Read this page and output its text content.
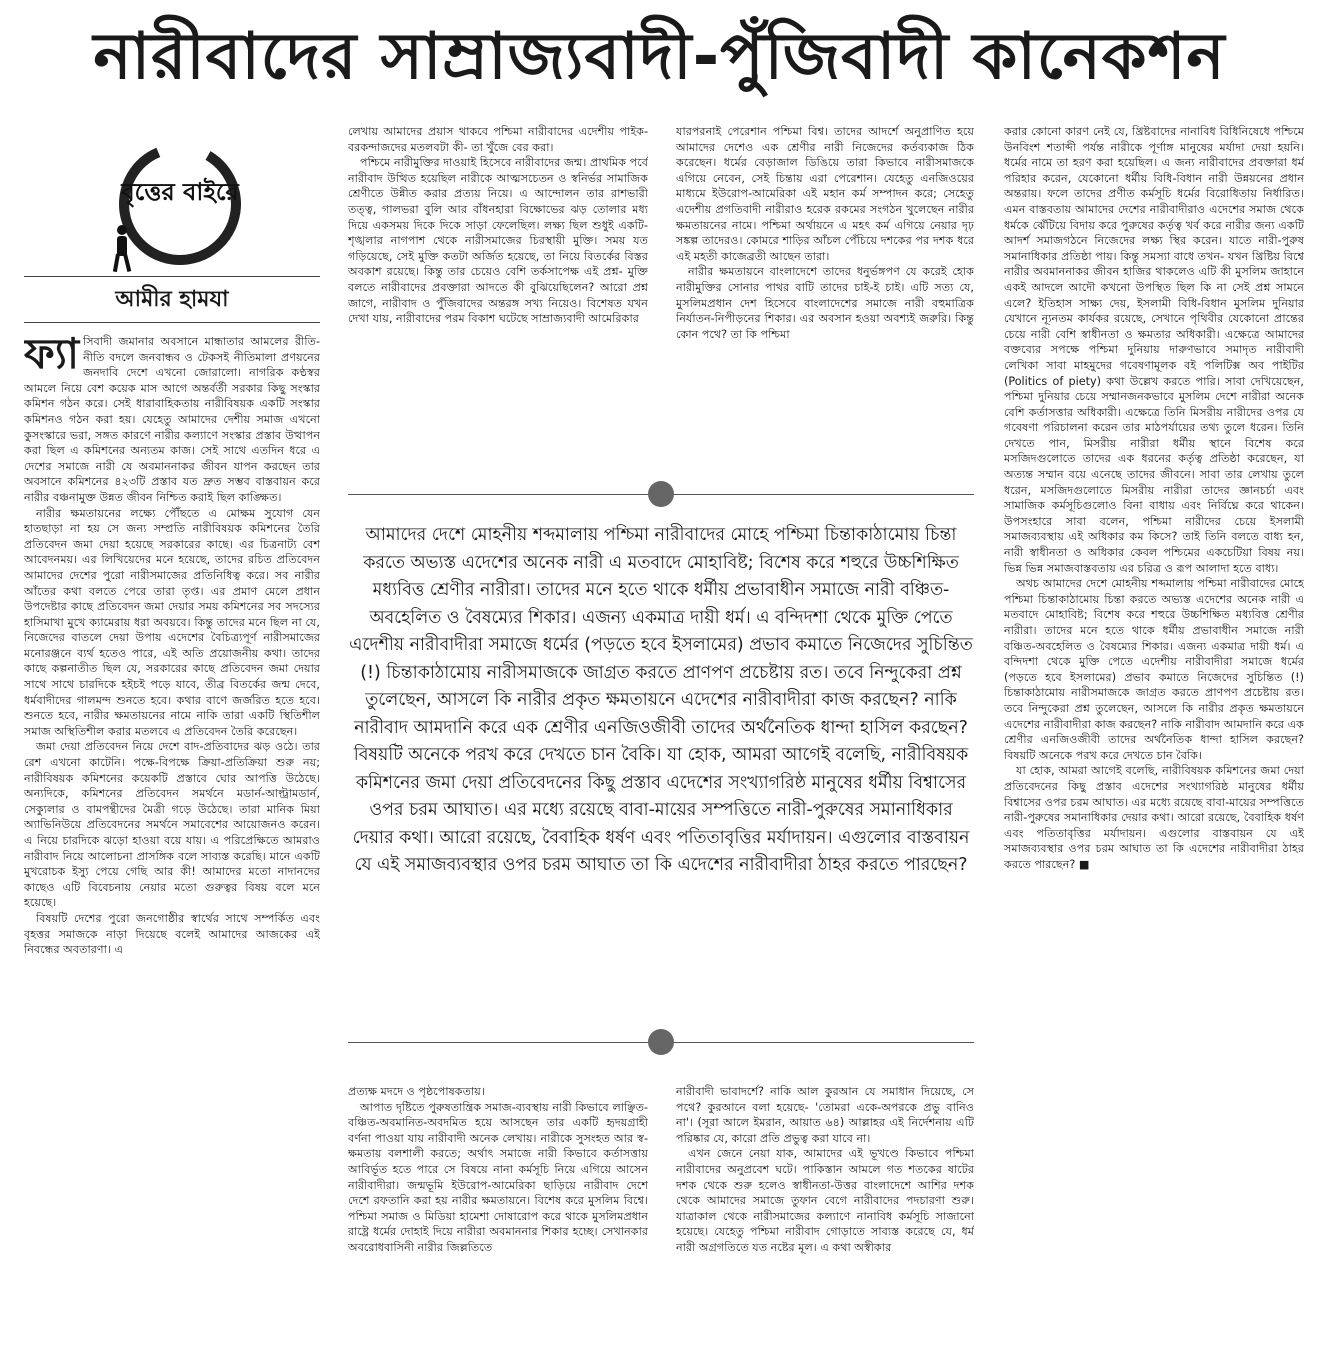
নারীবাদের সাম্রাজ্যবাদী-পুঁজিবাদী কানেকশন
বৃত্তের বাইরে
আমীর হামযা

ফ্যা সিবাদী জমানার অবসানে মান্ধাতার আমলের রীতি-নীতি বদলে জনবান্ধব ও টেকসই নীতিমালা প্রণয়নের জনদাবি দেশে এখনো জোরালো। নাগরিক কণ্ঠস্বর আমলে নিয়ে বেশ কয়েক মাস আগে অন্তর্বর্তী সরকার কিছু সংস্কার কমিশন গঠন করে। সেই ধারাবাহিকতায় নারীবিষয়ক একটি সংস্কার কমিশনও গঠন করা হয়। যেহেতু আমাদের দেশীয় সমাজ এখনো কুসংস্কারে ভরা, সঙ্গত কারণে নারীর কল্যাণে সংস্কার প্রস্তাব উত্থাপন করা ছিল এ কমিশনের অন্যতম কাজ। সেই সাথে এতদিন ধরে এ দেশের সমাজে নারী যে অবমাননাকর জীবন যাপন করছেন তার অবসানে কমিশনের ৪২৩টি প্রস্তাব যত দ্রুত সম্ভব বাস্তবায়ন করে নারীর বঞ্চনামুক্ত উন্নত জীবন নিশ্চিত করাই ছিল কাঙ্ক্ষিত।

নারীর ক্ষমতায়নের লক্ষ্যে পৌঁছতে এ মোক্ষম সুযোগ যেন হাতছাড়া না হয় সে জন্য সম্প্রতি নারীবিষয়ক কমিশনের তৈরি প্রতিবেদন জমা দেয়া হয়েছে সরকারের কাছে। এর চিত্রনাট্য বেশ আবেদনময়। এর লিখিয়েদের মনে হয়েছে, তাদের রচিত প্রতিবেদন আমাদের দেশের পুরো নারীসমাজের প্রতিনিধিত্ব করে। সব নারীর আঁতের কথা বলতে পেরে তারা তৃপ্ত। এর প্রমাণ মেলে প্রধান উপদেষ্টার কাছে প্রতিবেদন জমা দেয়ার সময় কমিশনের সব সদস্যের হাসিমাখা মুখে ক্যামেরায় ধরা অবয়বে। কিন্তু তাদের মনে ছিল না যে, নিজেদের বাতলে দেয়া উপায় এদেশের বৈচিত্র্যপূর্ণ নারীসমাজের মনোরঞ্জনে ব্যর্থ হতেও পারে, এই অতি প্রয়োজনীয় কথা। তাদের কাছে কল্পনাতীত ছিল যে, সরকারের কাছে প্রতিবেদন জমা দেয়ার সাথে সাথে চারদিকে হইচই পড়ে যাবে, তীব্র বিতর্কের জন্ম দেবে, ধর্মবাদীদের গালমন্দ শুনতে হবে। কথার বাণে জর্জরিত হতে হবে। শুনতে হবে, নারীর ক্ষমতায়নের নামে নাকি তারা একটি স্থিতিশীল সমাজ অস্থিতিশীল করার মতলবে এ প্রতিবেদন তৈরি করেছেন।

জমা দেয়া প্রতিবেদন নিয়ে দেশে বাদ-প্রতিবাদের ঝড় ওঠে। তার রেশ এখনো কাটেনি। পক্ষে-বিপক্ষে ক্রিয়া-প্রতিক্রিয়া শুরু নয়; নারীবিষয়ক কমিশনের কয়েকটি প্রস্তাবে ঘোর আপত্তি উঠেছে। অন্যদিকে, কমিশনের প্রতিবেদন সমর্থনে মডার্ন-আল্ট্রামডার্ন, সেক্যুলার ও বামপন্থীদের মৈত্রী গড়ে উঠেছে। তারা মানিক মিয়া অ্যাভিনিউয়ে প্রতিবেদনের সমর্থনে সমাবেশের আয়োজনও করেন। এ নিয়ে চারদিকে ঝড়ো হাওয়া বয়ে যায়। এ পরিপ্রেক্ষিতে আমরাও নারীবাদ নিয়ে আলোচনা প্রাসঙ্গিক বলে সাব্যস্ত করেছি। মানে একটি মুখরোচক ইস্যু পেয়ে গেছি আর কী! আমাদের মতো নাদানদের কাছেও এটি বিবেচনায় নেয়ার মতো গুরুত্বর বিষয় বলে মনে হয়েছে।

বিষয়টি দেশের পুরো জনগোষ্ঠীর স্বার্থের সাথে সম্পর্কিত এবং বৃহত্তর সমাজকে নাড়া দিয়েছে বলেই আমাদের আজকের এই নিবন্ধের অবতারণা। এ

লেখায় আমাদের প্রয়াস থাকবে পশ্চিমা নারীবাদের এদেশীয় পাইক-বরকন্দাজদের মতলবটা কী- তা খুঁজে বের করা।

পশ্চিমে নারীমুক্তির দাওয়াই হিসেবে নারীবাদের জন্ম। প্রাথমিক পর্বে নারীবাদ উত্থিত হয়েছিল নারীকে আত্মসচেতন ও স্বনির্ভর সামাজিক শ্রেণীতে উন্নীত করার প্রত্যয় নিয়ে। এ আন্দোলন তার রাশভারী তত্ত্ব, গালভরা বুলি আর বাঁধনহারা বিক্ষোভের ঝড় তোলার মধ্য দিয়ে একসময় দিকে দিকে সাড়া ফেলেছিল। লক্ষ্য ছিল শুধুই একটি- শৃঙ্খলার নাগপাশ থেকে নারীসমাজের চিরস্থায়ী মুক্তি। সময় যত গড়িয়েছে, সেই মুক্তি কতটা অর্জিত হয়েছে, তা নিয়ে বিতর্কের বিস্তর অবকাশ রয়েছে। কিন্তু তার চেয়েও বেশি তর্কসাপেক্ষ এই প্রশ্ন- মুক্তি বলতে নারীবাদের প্রবক্তারা আদতে কী বুঝিয়েছিলেন? আরো প্রশ্ন জাগে, নারীবাদ ও পুঁজিবাদের অন্তরঙ্গ সখ্য নিয়েও। বিশেষত যখন দেখা যায়, নারীবাদের পরম বিকাশ ঘটেছে সাম্রাজ্যবাদী আমেরিকার

যারপরনাই পেরেশান পশ্চিমা বিশ্ব। তাদের আদর্শে অনুপ্রাণিত হয়ে আমাদের দেশেও এক শ্রেণীর নারী নিজেদের কর্তব্যকাজ ঠিক করেছেন। ধর্মের বেড়াজাল ডিঙিয়ে তারা কিভাবে নারীসমাজকে এগিয়ে নেবেন, সেই চিন্তায় এরা পেরেশান। যেহেতু এনজিওয়ের মাধ্যমে ইউরোপ-আমেরিকা এই মহান কর্ম সম্পাদন করে; সেহেতু এদেশীয় প্রগতিবাদী নারীরাও হরেক রকমের সংগঠন খুলেছেন নারীর ক্ষমতায়নের নামে। পশ্চিমা অর্থায়নে এ মহৎ কর্ম এগিয়ে নেয়ার দৃঢ় সঙ্কল্প তাদেরও। কোমরে শাড়ির আঁচল পেঁচিয়ে দশকের পর দশক ধরে এই মহতী কাজেব্রতী আছেন তারা।

নারীর ক্ষমতায়নে বাংলাদেশে তাদের ধনুর্ভঙ্গপণ যে করেই হোক নারীমুক্তির সোনার পাথর বাটি তাদের চাই-ই চাই। এটি সত্য যে, মুসলিমপ্রধান দেশ হিসেবে বাংলাদেশের সমাজে নারী বহুমাত্রিক নির্যাতন-নিপীড়নের শিকার। এর অবসান হওয়া অবশ্যই জরুরি। কিন্তু কোন পথে? তা কি পশ্চিমা

আমাদের দেশে মোহনীয় শব্দমালায় পশ্চিমা নারীবাদের মোহে পশ্চিমা চিন্তাকাঠামোয় চিন্তা করতে অভ্যস্ত এদেশের অনেক নারী এ মতবাদে মোহাবিষ্ট; বিশেষ করে শহুরে উচ্চশিক্ষিত মধ্যবিত্ত শ্রেণীর নারীরা। তাদের মনে হতে থাকে ধর্মীয় প্রভাবাধীন সমাজে নারী বঞ্চিত-অবহেলিত ও বৈষম্যের শিকার। এজন্য একমাত্র দায়ী ধর্ম। এ বন্দিদশা থেকে মুক্তি পেতে এদেশীয় নারীবাদীরা সমাজে ধর্মের (পড়তে হবে ইসলামের) প্রভাব কমাতে নিজেদের সুচিন্তিত (!) চিন্তাকাঠামোয় নারীসমাজকে জাগ্রত করতে প্রাণপণ প্রচেষ্টায় রত। তবে নিন্দুকেরা প্রশ্ন তুলেছেন, আসলে কি নারীর প্রকৃত ক্ষমতায়নে এদেশের নারীবাদীরা কাজ করছেন? নাকি নারীবাদ আমদানি করে এক শ্রেণীর এনজিওজীবী তাদের অর্থনৈতিক ধান্দা হাসিল করছেন? বিষয়টি অনেকে পরখ করে দেখতে চান বৈকি। যা হোক, আমরা আগেই বলেছি, নারীবিষয়ক কমিশনের জমা দেয়া প্রতিবেদনের কিছু প্রস্তাব এদেশের সংখ্যাগরিষ্ঠ মানুষের ধর্মীয় বিশ্বাসের ওপর চরম আঘাত। এর মধ্যে রয়েছে বাবা-মায়ের সম্পত্তিতে নারী-পুরুষের সমানাধিকার দেয়ার কথা। আরো রয়েছে, বৈবাহিক ধর্ষণ এবং পতিতাবৃত্তির মর্যাদায়ন। এগুলোর বাস্তবায়ন যে এই সমাজব্যবস্থার ওপর চরম আঘাত তা কি এদেশের নারীবাদীরা ঠাহর করতে পারছেন?

প্রত্যক্ষ মদদে ও পৃষ্ঠপোষকতায়।

আপাত দৃষ্টিতে পুরুষতান্ত্রিক সমাজ-ব্যবস্থায় নারী কিভাবে লাঞ্ছিত-বঞ্চিত-অবমানিত-অবদমিত হয়ে আসছেন তার একটি হৃদয়গ্রাহী বর্ণনা পাওয়া যায় নারীবাদী অনেক লেখায়। নারীকে সুসংহত আর স্ব-ক্ষমতায় বলশালী করতে; অর্থাৎ সমাজে নারী কিভাবে কর্তাসত্তায় আবির্ভূত হতে পারে সে বিষয়ে নানা কর্মসূচি নিয়ে এগিয়ে আসেন নারীবাদীরা। জন্মভূমি ইউরোপ-আমেরিকা ছাড়িয়ে নারীবাদ দেশে দেশে রফতানি করা হয় নারীর ক্ষমতায়নে। বিশেষ করে মুসলিম বিশ্বে। পশ্চিমা সমাজ ও মিডিয়া হামেশা দোষারোপ করে থাকে মুসলিমপ্রধান রাষ্ট্রে ধর্মের দোহাই দিয়ে নারীরা অবমাননার শিকার হচ্ছে। সেখানকার অবরোধবাসিনী নারীর জিল্লতিতে

নারীবাদী ভাবাদর্শে? নাকি আল কুরআন যে সমাধান দিয়েছে, সে পথে? কুরআনে বলা হয়েছে- 'তোমরা একে-অপরকে প্রভু বানিও না'। (সূরা আলে ইমরান, আয়াত ৬৪) আল্লাহর এই নির্দেশনায় এটি পরিষ্কার যে, কারো প্রতি প্রভুত্ব করা যাবে না।

এখন জেনে নেয়া যাক, আমাদের এই ভূখণ্ডে কিভাবে পশ্চিমা নারীবাদের অনুপ্রবেশ ঘটে। পাকিস্তান আমলে গত শতকের ষাটের দশক থেকে শুরু হলেও স্বাধীনতা-উত্তর বাংলাদেশে আশির দশক থেকে আমাদের সমাজে তুফান বেগে নারীবাদের পদচারণা শুরু। যাত্রাকাল থেকে নারীসমাজের কল্যাণে নানাবিধ কর্মসূচি সাজানো হয়েছে। যেহেতু পশ্চিমা নারীবাদ গোড়াতে সাব্যস্ত করেছে যে, ধর্ম নারী অগ্রগতিতে যত নষ্টের মূল। এ কথা অস্বীকার

করার কোনো কারণ নেই যে, খ্রিষ্টবাদের নানাবিধ বিধিনিষেধে পশ্চিমে উনবিংশ শতাব্দী পর্যন্ত নারীকে পূর্ণাঙ্গ মানুষের মর্যাদা দেয়া হয়নি। ধর্মের নামে তা হরণ করা হয়েছিল। এ জন্য নারীবাদের প্রবক্তারা ধর্ম পরিহার করেন, যেকোনো ধর্মীয় বিধি-বিধান নারী উন্নয়নের প্রধান অন্তরায়। ফলে তাদের প্রণীত কর্মসূচি ধর্মের বিরোধিতায় নির্ধারিত। এমন বাস্তবতায় আমাদের দেশের নারীবাদীরাও এদেশের সমাজ থেকে ধর্মকে ঝেঁটিয়ে বিদায় করে পুরুষের কর্তৃত্ব খর্ব করে নারীর জন্য একটি আদর্শ সমাজগঠনে নিজেদের লক্ষ্য স্থির করেন। যাতে নারী-পুরুষ সমানাধিকার প্রতিষ্ঠা পায়। কিন্তু সমস্যা বাধে তখন- যখন খ্রিষ্টিয় বিশ্বে নারীর অবমাননাকর জীবন হাজির থাকলেও এটি কী মুসলিম জাহানে একই আদলে আদৌ কখনো উপস্থিত ছিল কি না সেই প্রশ্ন সামনে এলে? ইতিহাস সাক্ষ্য দেয়, ইসলামী বিধি-বিধান মুসলিম দুনিয়ার যেখানে ন্যূনতম কার্যকর রয়েছে, সেখানে পৃথিবীর যেকোনো প্রান্তের চেয়ে নারী বেশি স্বাধীনতা ও ক্ষমতার অধিকারী। এক্ষেত্রে আমাদের বক্তব্যের সপক্ষে পশ্চিমা দুনিয়ায় দারুণভাবে সমাদৃত নারীবাদী লেখিকা সাবা মাহমুদের গবেষণামূলক বই পলিটিক্স অব পাইটির (Politics of piety) কথা উল্লেখ করতে পারি। সাবা দেখিয়েছেন, পশ্চিমা দুনিয়ার চেয়ে সম্মানজনকভাবে মুসলিম দেশে নারীরা অনেক বেশি কর্তাসত্তার অধিকারী। এক্ষেত্রে তিনি মিসরীয় নারীদের ওপর যে গবেষণা পরিচালনা করেন তার মাঠপর্যায়ের তথ্য তুলে ধরেন। তিনি দেখতে পান, মিসরীয় নারীরা ধর্মীয় স্থানে বিশেষ করে মসজিদগুলোতে তাদের এক ধরনের কর্তৃত্ব প্রতিষ্ঠা করেছেন, যা অত্যন্ত সম্মান বয়ে এনেছে তাদের জীবনে। সাবা তার লেখায় তুলে ধরেন, মসজিদগুলোতে মিসরীয় নারীরা তাদের জ্ঞানচর্চা এবং সামাজিক কর্মসূচিগুলোও বিনা বাধায় এবং নির্বিঘ্নে করে থাকেন। উপসংহারে সাবা বলেন, পশ্চিমা নারীদের চেয়ে ইসলামী সমাজব্যবস্থায় এই অধিকার কম কিসে? তাই তিনি বলতে বাধ্য হন, নারী স্বাধীনতা ও অধিকার কেবল পশ্চিমের একচেটিয়া বিষয় নয়। ভিন্ন ভিন্ন সমাজবাস্তবতায় এর চরিত্র ও রূপ আলাদা হতে বাধ্য।

অথচ আমাদের দেশে মোহনীয় শব্দমালায় পশ্চিমা নারীবাদের মোহে পশ্চিমা চিন্তাকাঠামোয় চিন্তা করতে অভ্যস্ত এদেশের অনেক নারী এ মতবাদে মোহাবিষ্ট; বিশেষ করে শহুরে উচ্চশিক্ষিত মধ্যবিত্ত শ্রেণীর নারীরা। তাদের মনে হতে থাকে ধর্মীয় প্রভাবাধীন সমাজে নারী বঞ্চিত-অবহেলিত ও বৈষম্যের শিকার। এজন্য একমাত্র দায়ী ধর্ম। এ বন্দিদশা থেকে মুক্তি পেতে এদেশীয় নারীবাদীরা সমাজে ধর্মের (পড়তে হবে ইসলামের) প্রভাব কমাতে নিজেদের সুচিন্তিত (!) চিন্তাকাঠামোয় নারীসমাজকে জাগ্রত করতে প্রাণপণ প্রচেষ্টায় রত। তবে নিন্দুকেরা প্রশ্ন তুলেছেন, আসলে কি নারীর প্রকৃত ক্ষমতায়নে এদেশের নারীবাদীরা কাজ করছেন? নাকি নারীবাদ আমদানি করে এক শ্রেণীর এনজিওজীবী তাদের অর্থনৈতিক ধান্দা হাসিল করছেন? বিষয়টি অনেকে পরখ করে দেখতে চান বৈকি।

যা হোক, আমরা আগেই বলেছি, নারীবিষয়ক কমিশনের জমা দেয়া প্রতিবেদনের কিছু প্রস্তাব এদেশের সংখ্যাগরিষ্ঠ মানুষের ধর্মীয় বিশ্বাসের ওপর চরম আঘাত। এর মধ্যে রয়েছে বাবা-মায়ের সম্পত্তিতে নারী-পুরুষের সমানাধিকার দেয়ার কথা। আরো রয়েছে, বৈবাহিক ধর্ষণ এবং পতিতাবৃত্তির মর্যাদায়ন। এগুলোর বাস্তবায়ন যে এই সমাজব্যবস্থার ওপর চরম আঘাত তা কি এদেশের নারীবাদীরা ঠাহর করতে পারছেন? ■
